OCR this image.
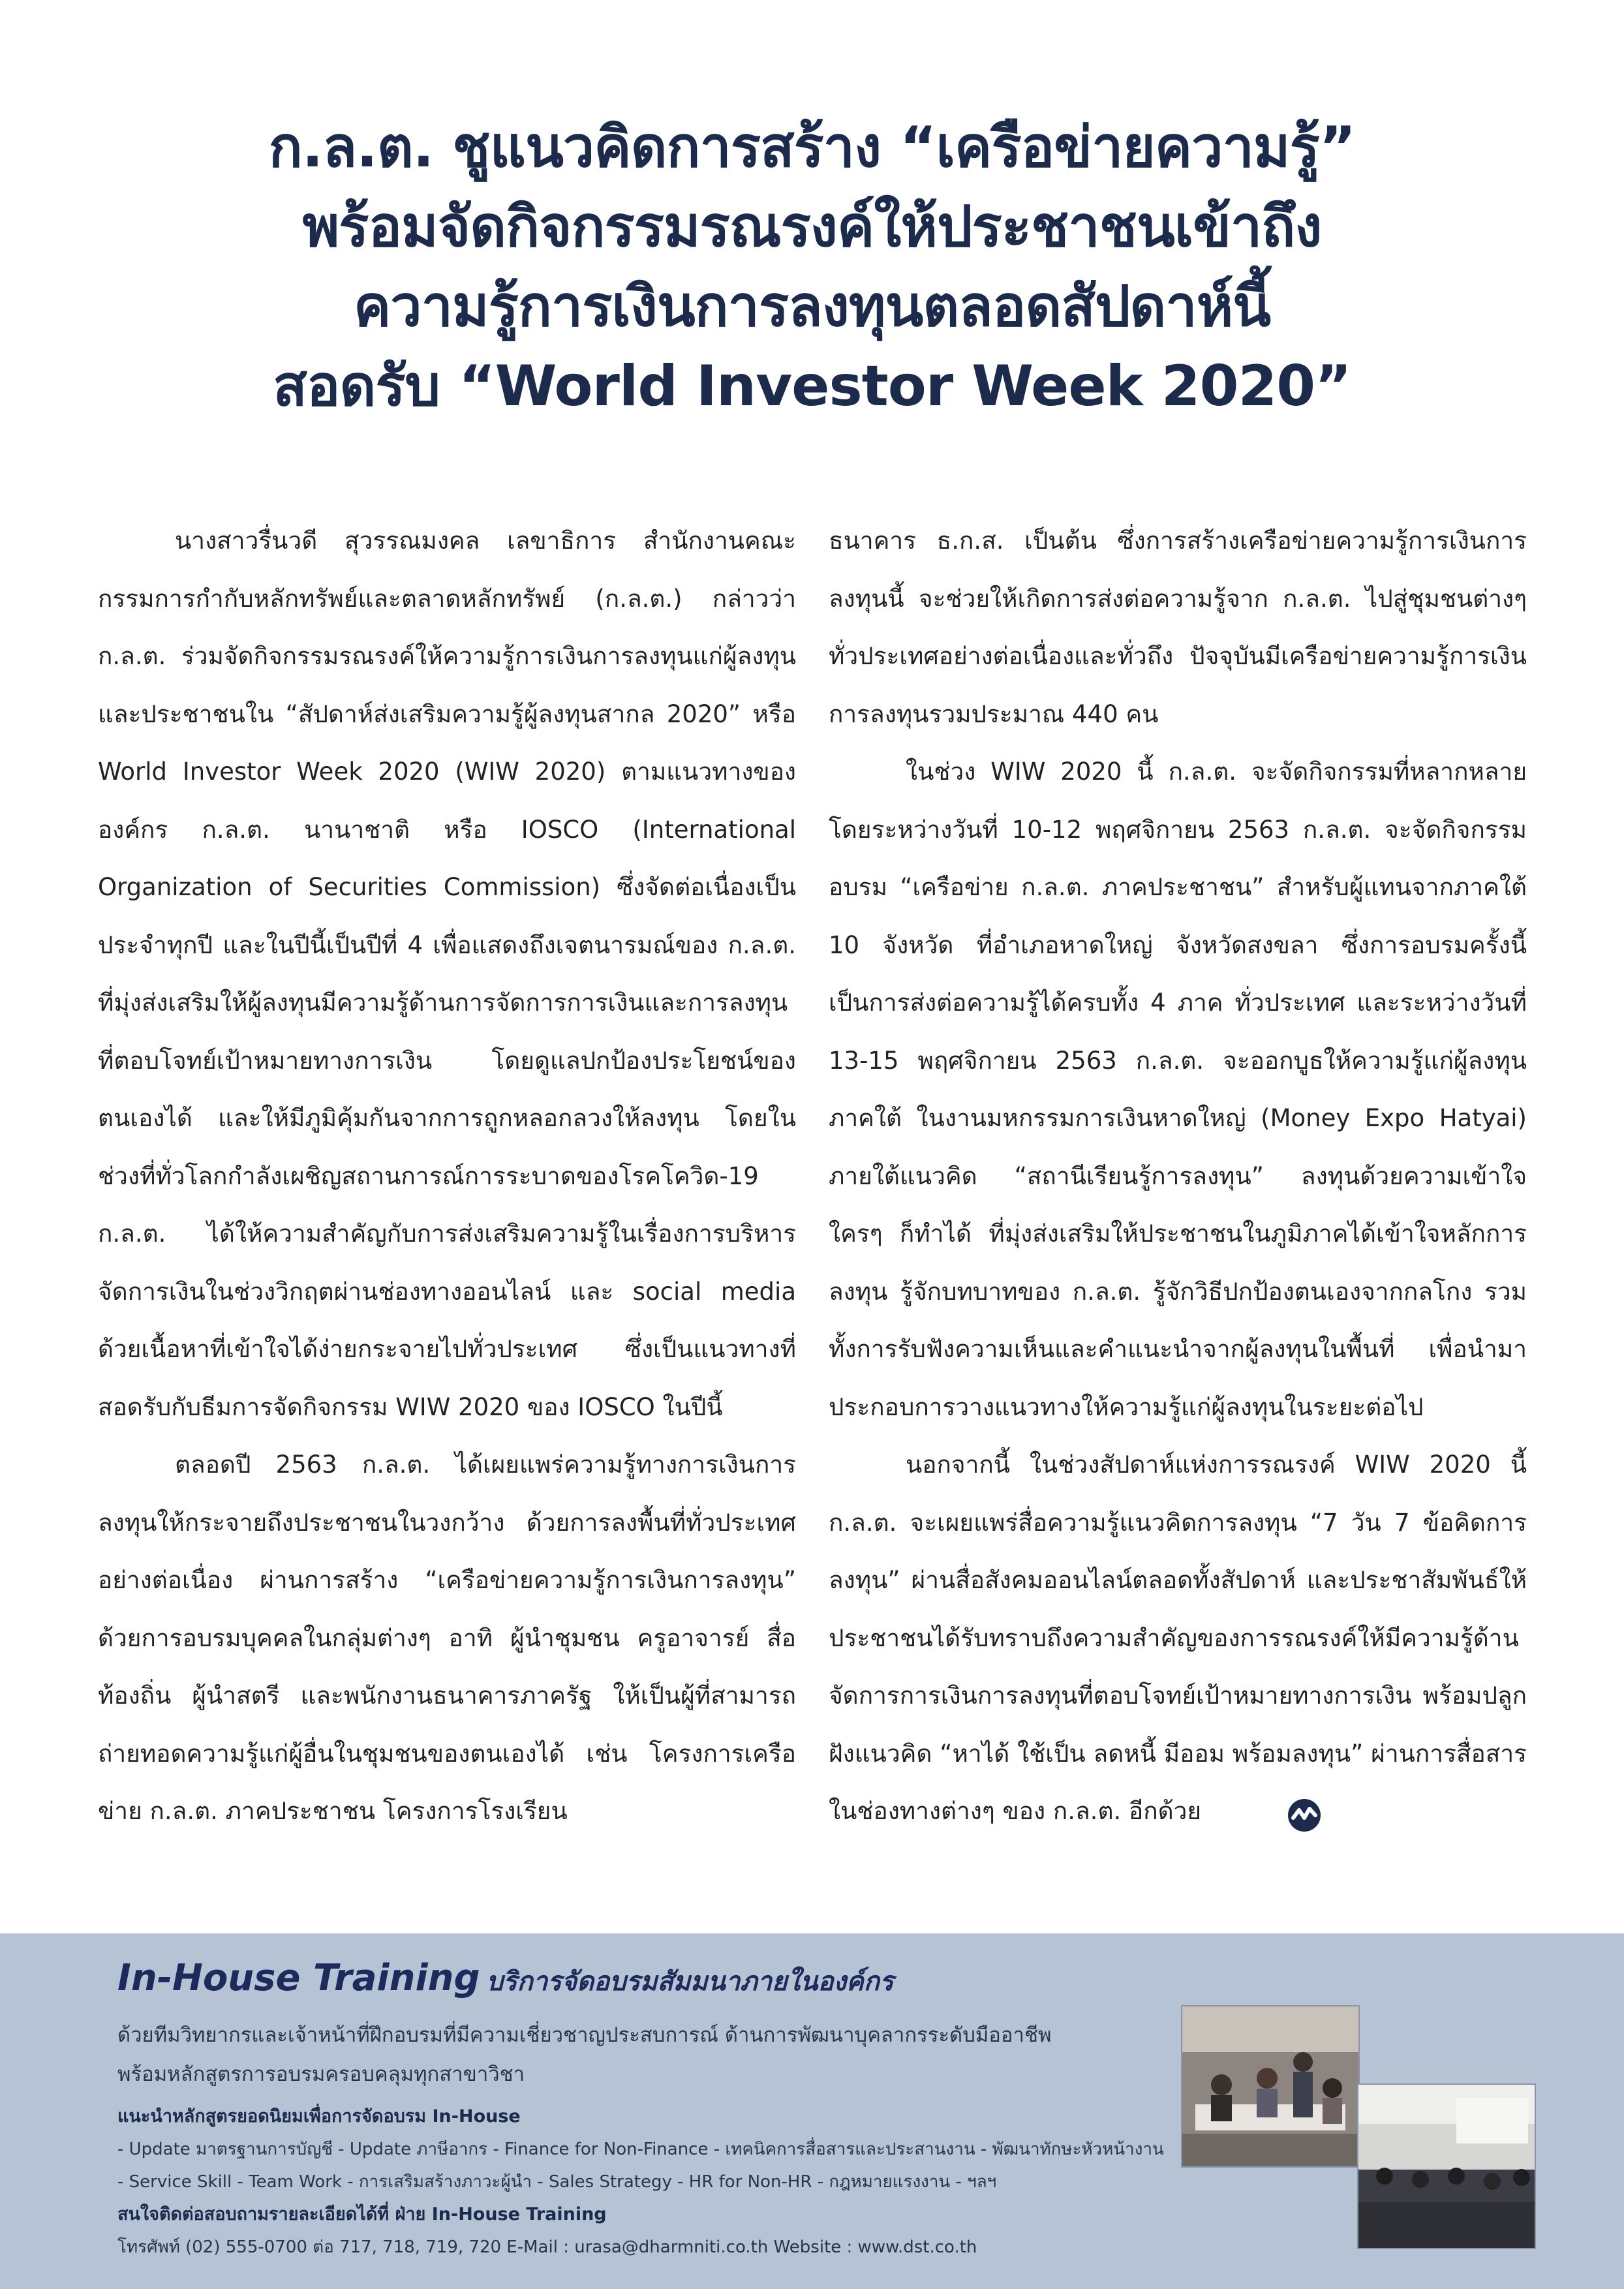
ก.ล.ต. ชูแนวคิดการสร้าง “เครือข่ายความรู้”
พร้อมจัดกิจกรรมรณรงค์ให้ประชาชนเข้าถึง
ความรู้การเงินการลงทุนตลอดสัปดาห์นี้
สอดรับ “World Investor Week 2020”

นางสาวรื่นวดี สุวรรณมงคล เลขาธิการ สำนักงานคณะกรรมการกำกับหลักทรัพย์และตลาดหลักทรัพย์ (ก.ล.ต.) กล่าวว่า ก.ล.ต. ร่วมจัดกิจกรรมรณรงค์ให้ความรู้การเงินการลงทุนแก่ผู้ลงทุนและประชาชนใน “สัปดาห์ส่งเสริมความรู้ผู้ลงทุนสากล 2020” หรือ World Investor Week 2020 (WIW 2020) ตามแนวทางขององค์กร ก.ล.ต. นานาชาติ หรือ IOSCO (International Organization of Securities Commission) ซึ่งจัดต่อเนื่องเป็นประจำทุกปี และในปีนี้เป็นปีที่ 4 เพื่อแสดงถึงเจตนารมณ์ของ ก.ล.ต. ที่มุ่งส่งเสริมให้ผู้ลงทุนมีความรู้ด้านการจัดการการเงินและการลงทุนที่ตอบโจทย์เป้าหมายทางการเงิน โดยดูแลปกป้องประโยชน์ของตนเองได้ และให้มีภูมิคุ้มกันจากการถูกหลอกลวงให้ลงทุน โดยในช่วงที่ทั่วโลกกำลังเผชิญสถานการณ์การระบาดของโรคโควิด-19 ก.ล.ต. ได้ให้ความสำคัญกับการส่งเสริมความรู้ในเรื่องการบริหารจัดการเงินในช่วงวิกฤตผ่านช่องทางออนไลน์ และ social media ด้วยเนื้อหาที่เข้าใจได้ง่ายกระจายไปทั่วประเทศ ซึ่งเป็นแนวทางที่สอดรับกับธีมการจัดกิจกรรม WIW 2020 ของ IOSCO ในปีนี้

ตลอดปี 2563 ก.ล.ต. ได้เผยแพร่ความรู้ทางการเงินการลงทุนให้กระจายถึงประชาชนในวงกว้าง ด้วยการลงพื้นที่ทั่วประเทศอย่างต่อเนื่อง ผ่านการสร้าง “เครือข่ายความรู้การเงินการลงทุน” ด้วยการอบรมบุคคลในกลุ่มต่างๆ อาทิ ผู้นำชุมชน ครูอาจารย์ สื่อท้องถิ่น ผู้นำสตรี และพนักงานธนาคารภาครัฐ ให้เป็นผู้ที่สามารถถ่ายทอดความรู้แก่ผู้อื่นในชุมชนของตนเองได้ เช่น โครงการเครือข่าย ก.ล.ต. ภาคประชาชน โครงการโรงเรียน

ธนาคาร ธ.ก.ส. เป็นต้น ซึ่งการสร้างเครือข่ายความรู้การเงินการลงทุนนี้ จะช่วยให้เกิดการส่งต่อความรู้จาก ก.ล.ต. ไปสู่ชุมชนต่างๆ ทั่วประเทศอย่างต่อเนื่องและทั่วถึง ปัจจุบันมีเครือข่ายความรู้การเงินการลงทุนรวมประมาณ 440 คน

ในช่วง WIW 2020 นี้ ก.ล.ต. จะจัดกิจกรรมที่หลากหลาย โดยระหว่างวันที่ 10-12 พฤศจิกายน 2563 ก.ล.ต. จะจัดกิจกรรมอบรม “เครือข่าย ก.ล.ต. ภาคประชาชน” สำหรับผู้แทนจากภาคใต้ 10 จังหวัด ที่อำเภอหาดใหญ่ จังหวัดสงขลา ซึ่งการอบรมครั้งนี้เป็นการส่งต่อความรู้ได้ครบทั้ง 4 ภาค ทั่วประเทศ และระหว่างวันที่ 13-15 พฤศจิกายน 2563 ก.ล.ต. จะออกบูธให้ความรู้แก่ผู้ลงทุนภาคใต้ ในงานมหกรรมการเงินหาดใหญ่ (Money Expo Hatyai) ภายใต้แนวคิด “สถานีเรียนรู้การลงทุน” ลงทุนด้วยความเข้าใจ ใครๆ ก็ทำได้ ที่มุ่งส่งเสริมให้ประชาชนในภูมิภาคได้เข้าใจหลักการลงทุน รู้จักบทบาทของ ก.ล.ต. รู้จักวิธีปกป้องตนเองจากกลโกง รวมทั้งการรับฟังความเห็นและคำแนะนำจากผู้ลงทุนในพื้นที่ เพื่อนำมาประกอบการวางแนวทางให้ความรู้แก่ผู้ลงทุนในระยะต่อไป

นอกจากนี้ ในช่วงสัปดาห์แห่งการรณรงค์ WIW 2020 นี้ ก.ล.ต. จะเผยแพร่สื่อความรู้แนวคิดการลงทุน “7 วัน 7 ข้อคิดการลงทุน” ผ่านสื่อสังคมออนไลน์ตลอดทั้งสัปดาห์ และประชาสัมพันธ์ให้ประชาชนได้รับทราบถึงความสำคัญของการรณรงค์ให้มีความรู้ด้านจัดการการเงินการลงทุนที่ตอบโจทย์เป้าหมายทางการเงิน พร้อมปลูกฝังแนวคิด “หาได้ ใช้เป็น ลดหนี้ มีออม พร้อมลงทุน” ผ่านการสื่อสารในช่องทางต่างๆ ของ ก.ล.ต. อีกด้วย

In-House Training บริการจัดอบรมสัมมนาภายในองค์กร
ด้วยทีมวิทยากรและเจ้าหน้าที่ฝึกอบรมที่มีความเชี่ยวชาญประสบการณ์ ด้านการพัฒนาบุคลากรระดับมืออาชีพ
พร้อมหลักสูตรการอบรมครอบคลุมทุกสาขาวิชา
แนะนำหลักสูตรยอดนิยมเพื่อการจัดอบรม In-House
- Update มาตรฐานการบัญชี - Update ภาษีอากร - Finance for Non-Finance - เทคนิคการสื่อสารและประสานงาน - พัฒนาทักษะหัวหน้างาน
- Service Skill - Team Work - การเสริมสร้างภาวะผู้นำ - Sales Strategy - HR for Non-HR - กฎหมายแรงงาน - ฯลฯ
สนใจติดต่อสอบถามรายละเอียดได้ที่ ฝ่าย In-House Training
โทรศัพท์ (02) 555-0700 ต่อ 717, 718, 719, 720 E-Mail : urasa@dharmniti.co.th Website : www.dst.co.th
